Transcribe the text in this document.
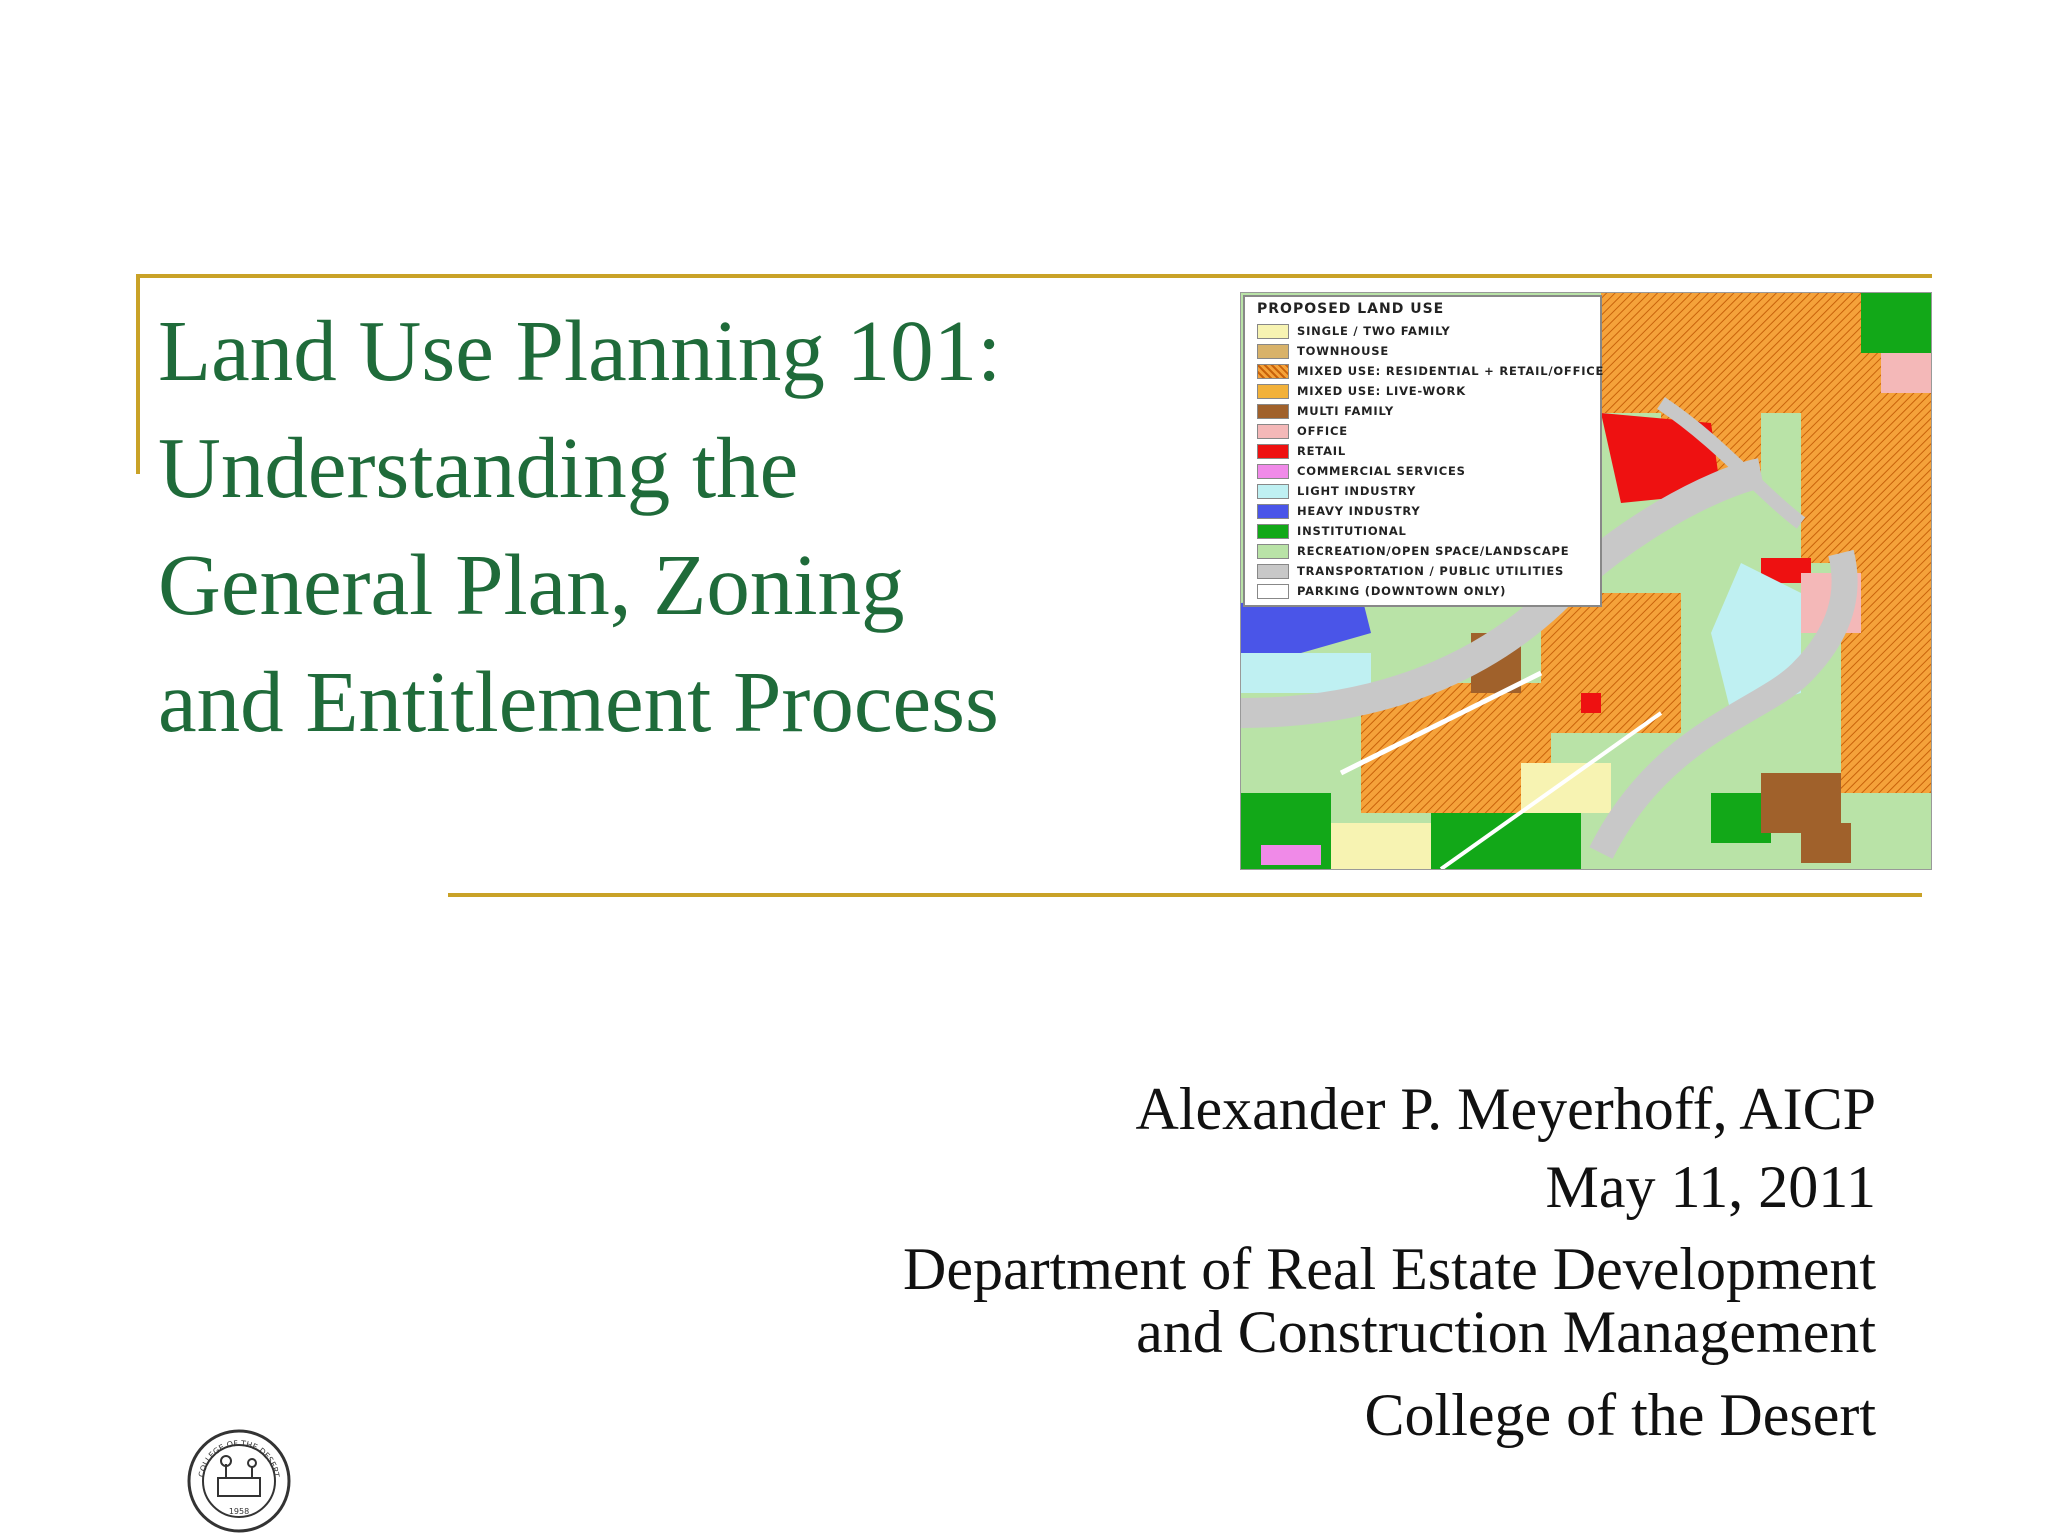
Land Use Planning 101:
Understanding the
General Plan, Zoning
and Entitlement Process
PROPOSED LAND USE
SINGLE / TWO FAMILY
TOWNHOUSE
MIXED USE: RESIDENTIAL + RETAIL/OFFICE
MIXED USE: LIVE-WORK
MULTI FAMILY
OFFICE
RETAIL
COMMERCIAL SERVICES
LIGHT INDUSTRY
HEAVY INDUSTRY
INSTITUTIONAL
RECREATION/OPEN SPACE/LANDSCAPE
TRANSPORTATION / PUBLIC UTILITIES
PARKING (DOWNTOWN ONLY)
Alexander P. Meyerhoff, AICP
May 11, 2011
Department of Real Estate Development
and Construction Management
College of the Desert
COLLEGE OF THE DESERT
1958
